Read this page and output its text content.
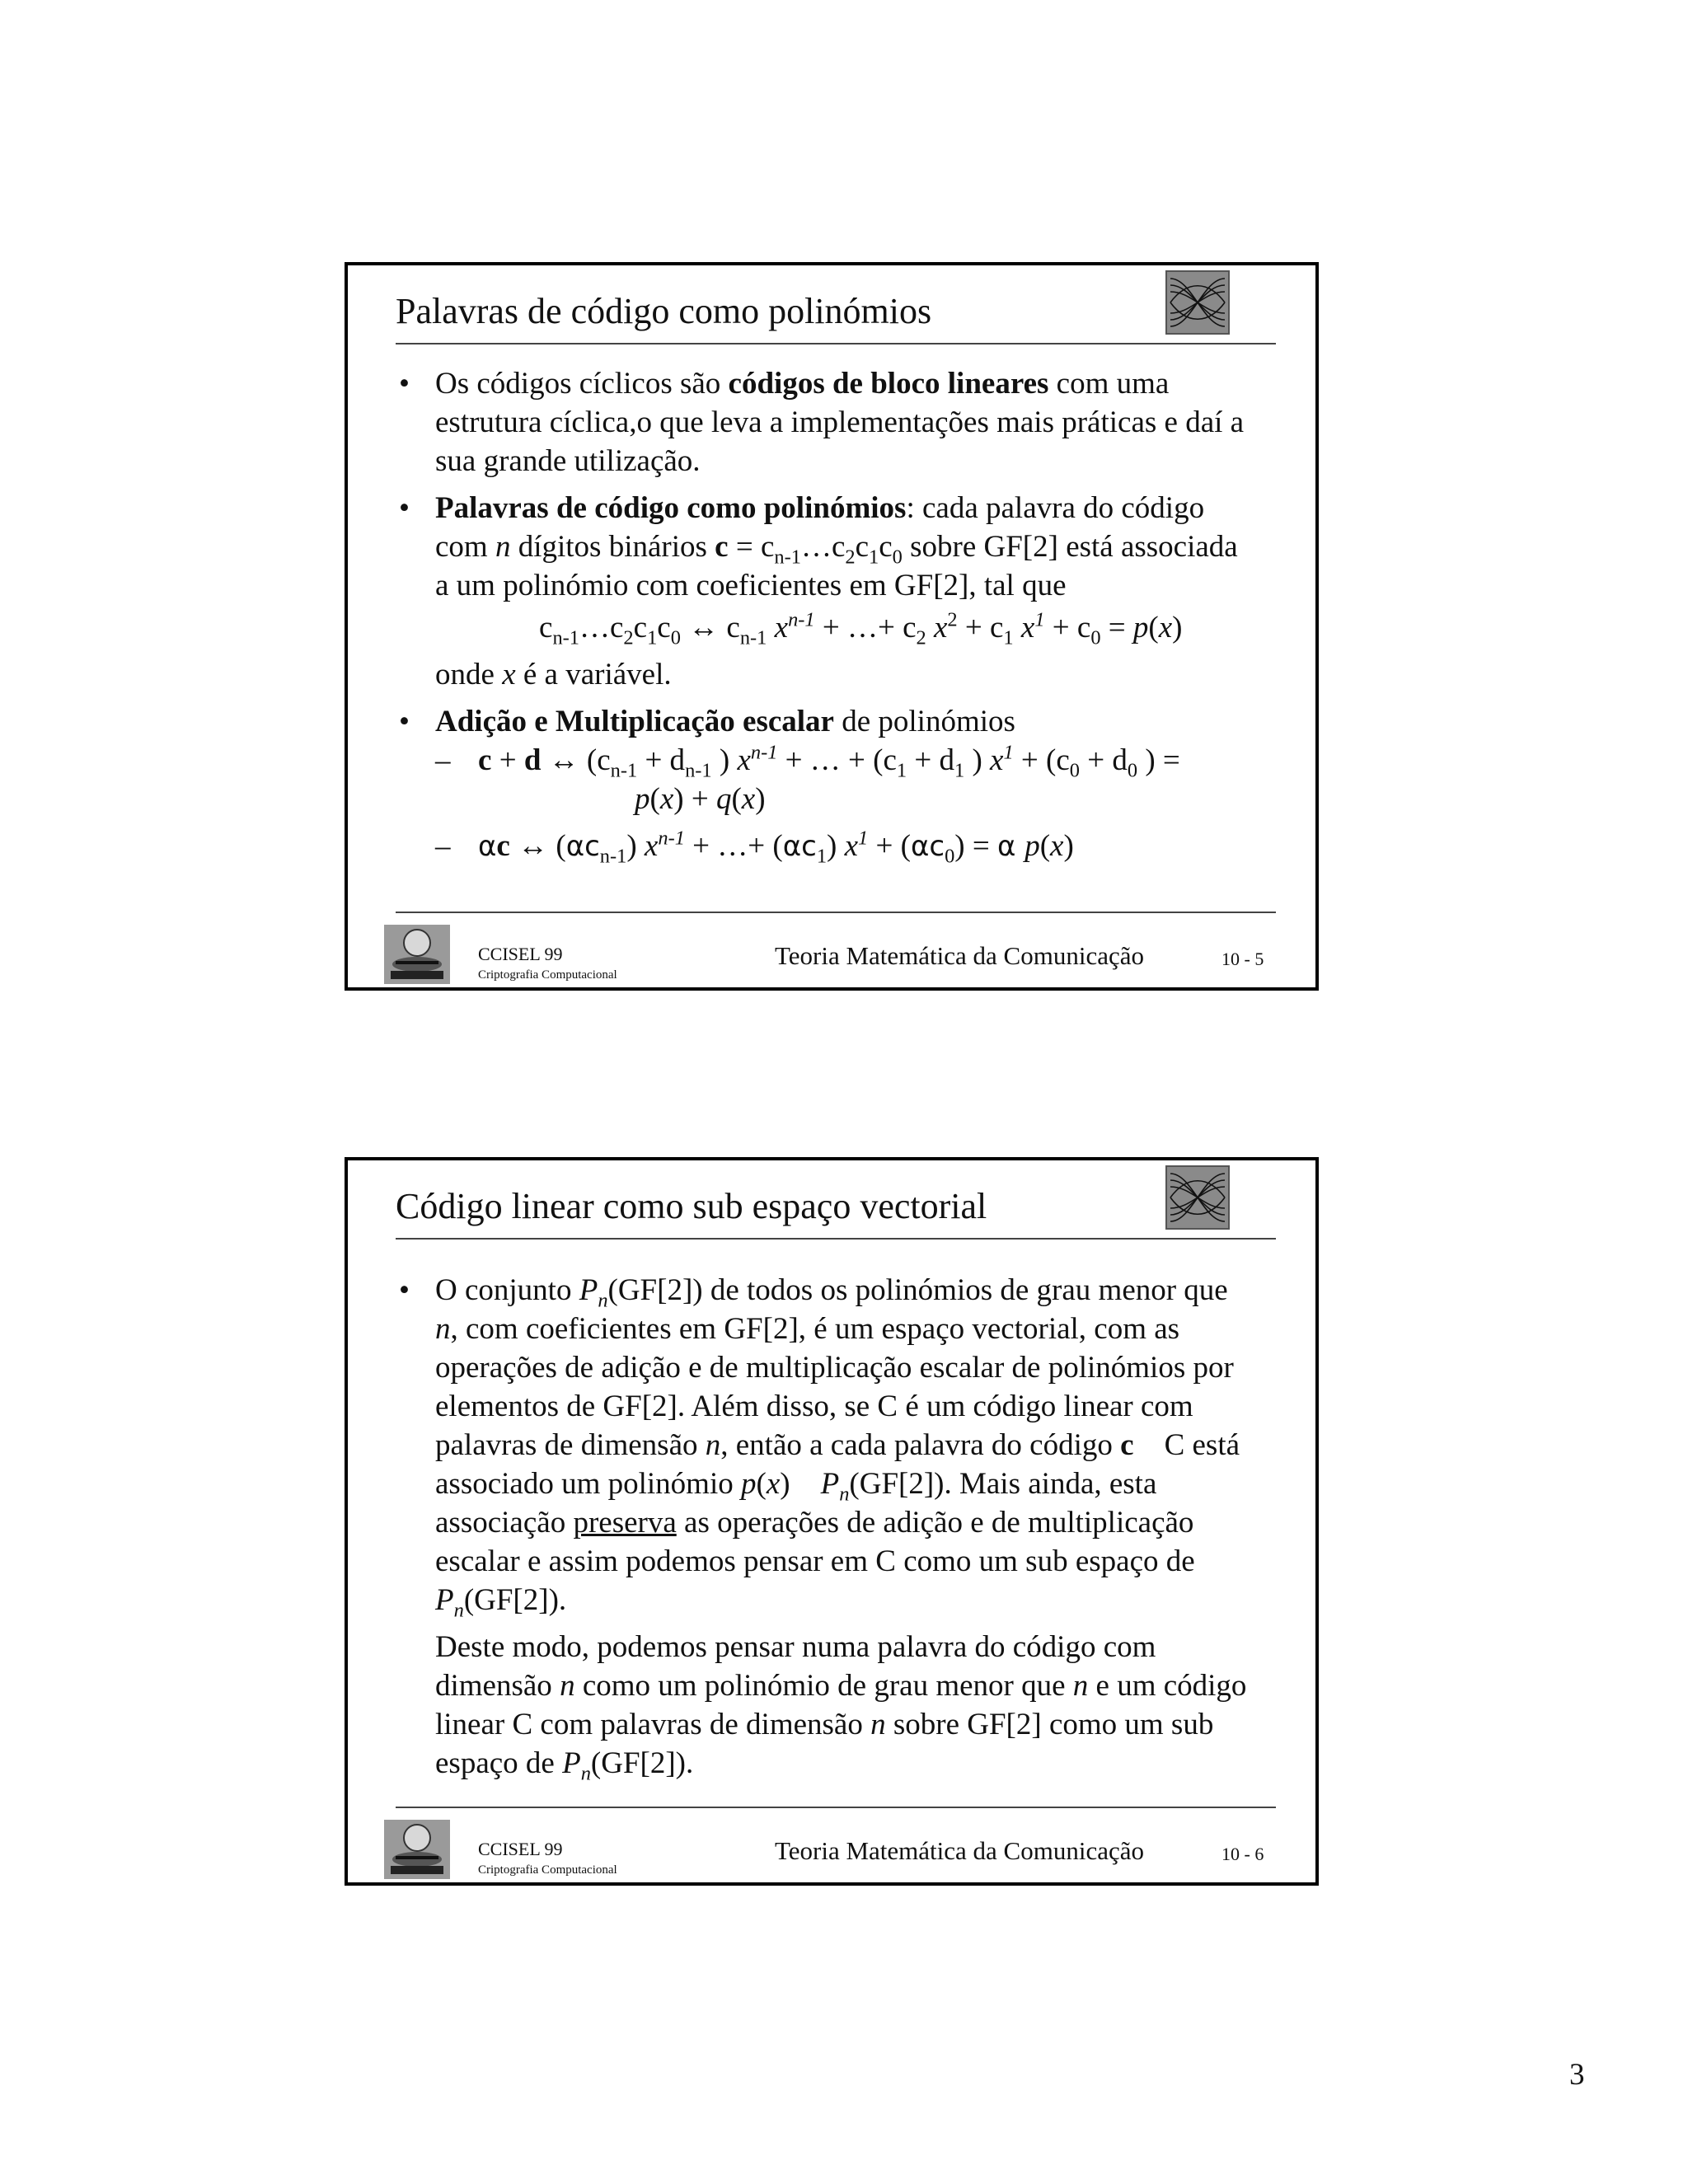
Palavras de código como polinómios
• Os códigos cíclicos são códigos de bloco lineares com uma estrutura cíclica,o que leva a implementações mais práticas e daí a sua grande utilização.
• Palavras de código como polinómios: cada palavra do código com n dígitos binários $c = c_{n-1}\dots c_2c_1c_0$ sobre GF[2] está associada a um polinómio com coeficientes em GF[2], tal que
$c_{n-1}\dots c_2c_1c_0$ ↔ $c_{n-1}$ $x^{n-1}$ + …+ $c_2$ $x^2 + c_1$ $x^1 + c_0 = p(x)$
onde x é a variável.
• Adição e Multiplicação escalar de polinómios
– c + d ↔ ($c_{n-1} + d_{n-1}$ ) $x^{n-1}$ + … + ($c_1 + d_1$ ) $x^1 + (c_0 + d_0$ ) =
p(x) + q(x)
– αc ↔ $(\alpha c_{n-1}) x^{n-1}$ + …+ $(\alpha c_1) x^1 + (\alpha c_0) = \alpha$ p(x)
CCISEL 99
Criptografia Computacional
Teoria Matemática da Comunicação	10 - 5
Código linear como sub espaço vectorial
• O conjunto $P_n(GF[2])$ de todos os polinómios de grau menor que n, com coeficientes em GF[2], é um espaço vectorial, com as operações de adição e de multiplicação escalar de polinómios por elementos de GF[2]. Além disso, se C é um código linear com palavras de dimensão n, então a cada palavra do código c C está associado um polinómio p(x) $P_n(GF[2])$. Mais ainda, esta associação preserva as operações de adição e de multiplicação escalar e assim podemos pensar em C como um sub espaço de $P_n(GF[2])$.
Deste modo, podemos pensar numa palavra do código com dimensão n como um polinómio de grau menor que n e um código linear C com palavras de dimensão n sobre GF[2] como um sub espaço de $P_n(GF[2])$.
CCISEL 99
Criptografia Computacional
Teoria Matemática da Comunicação	10 - 6
3
